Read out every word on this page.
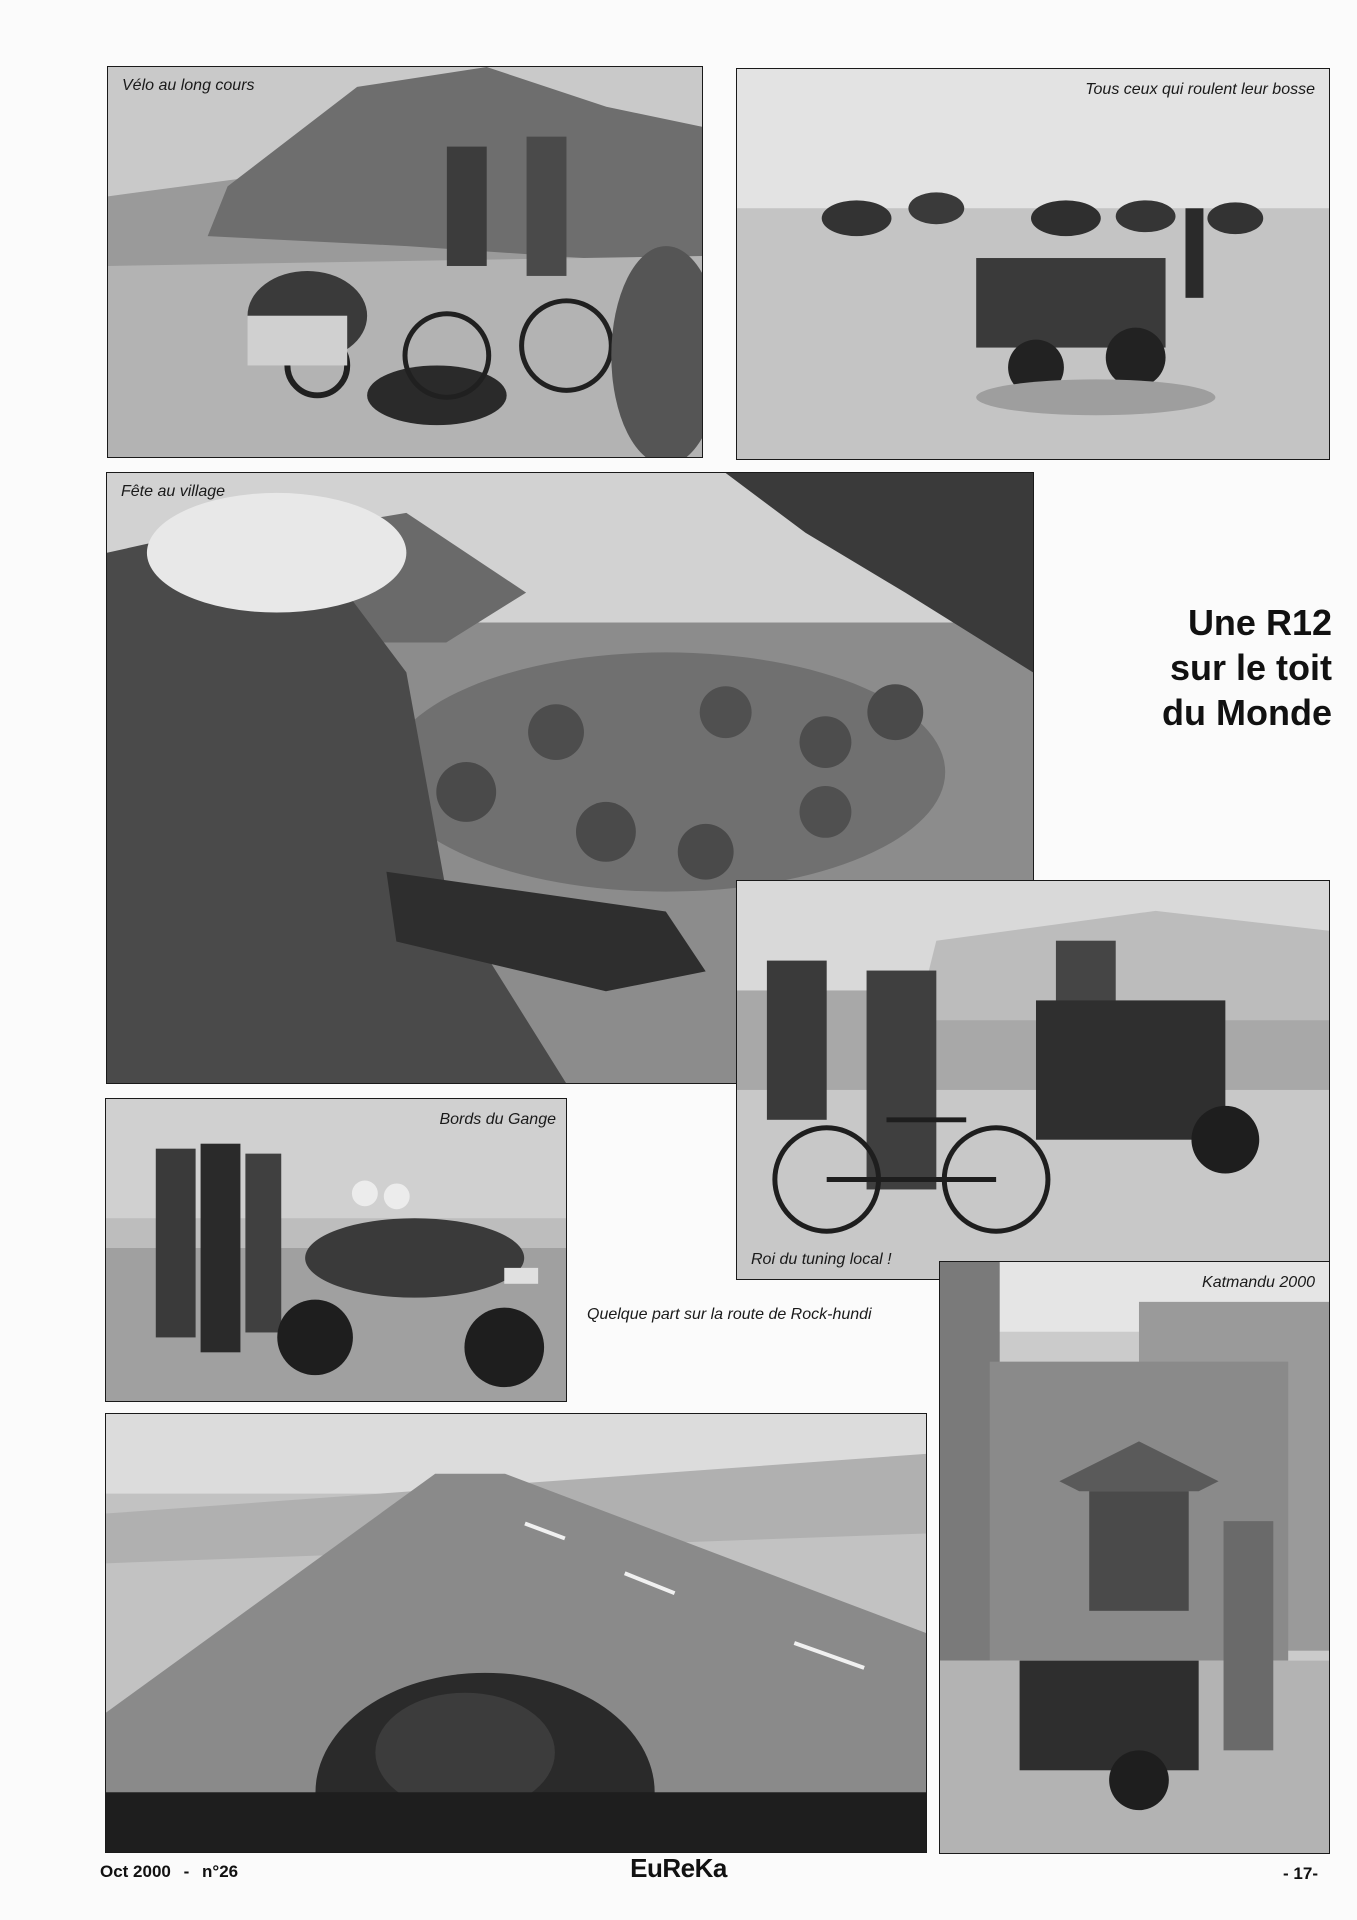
Vélo au long cours	Tous ceux qui roulent leur bosse
Fête au village
Une R12
sur le toit
du Monde
Roi du tuning local !
Bords du Gange
Quelque part sur la route de Rock-hundi
Katmandu 2000
Oct 2000 - n°26	EuReKa	- 17-
